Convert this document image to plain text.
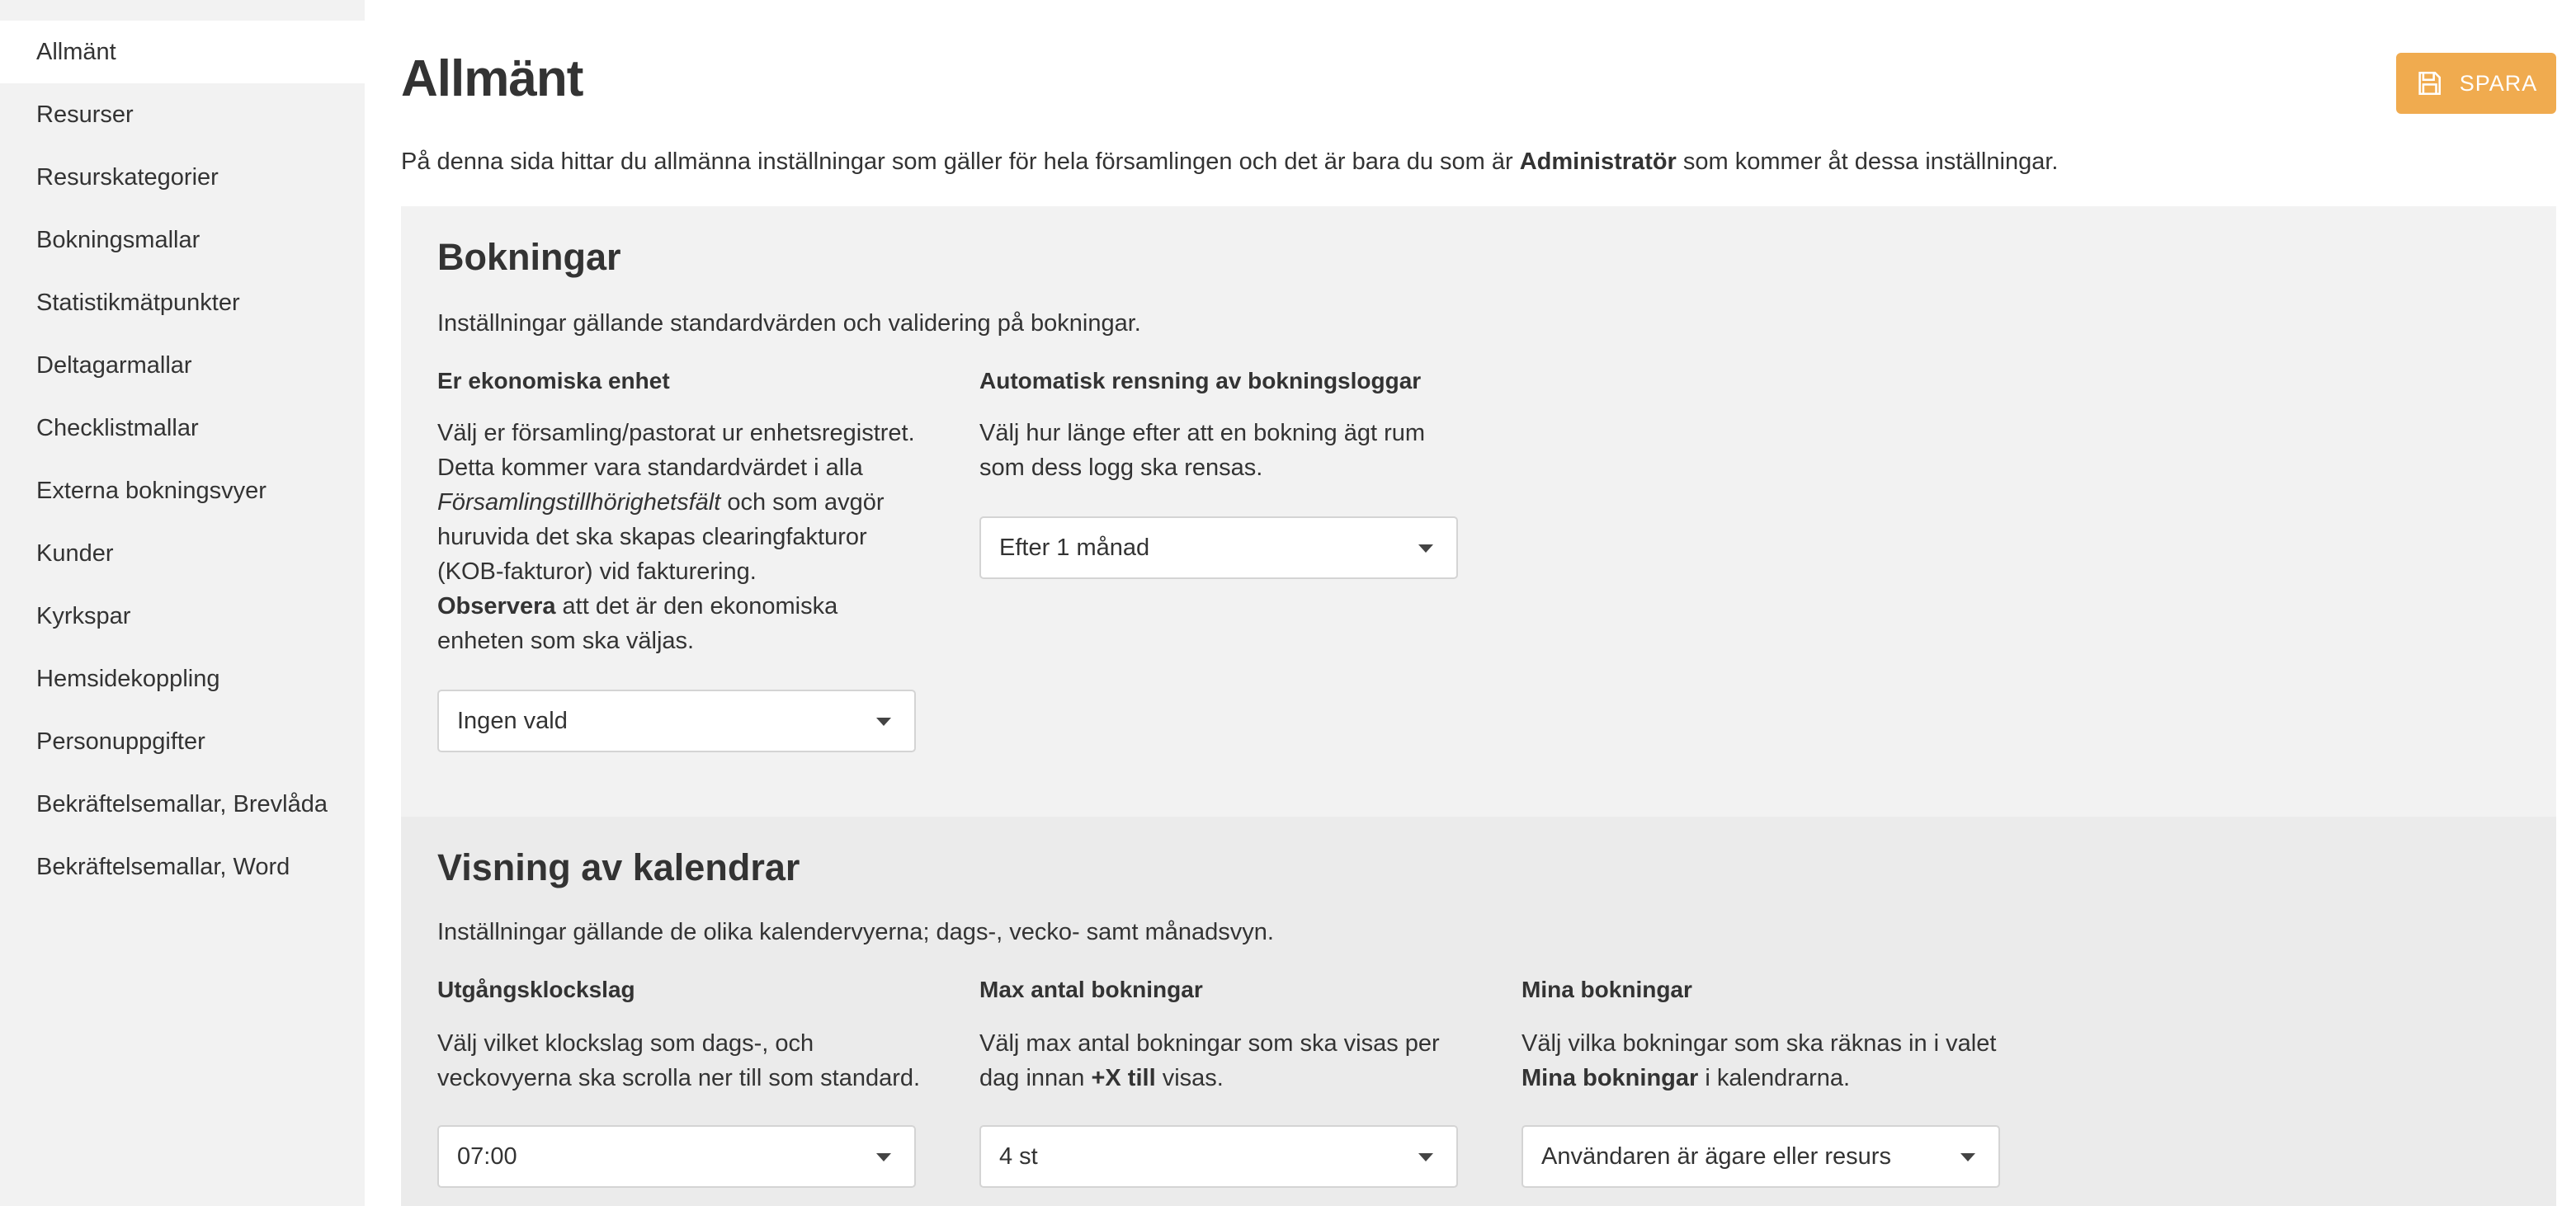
Allmänt
Resurser
Resurskategorier
Bokningsmallar
Statistikmätpunkter
Deltagarmallar
Checklistmallar
Externa bokningsvyer
Kunder
Kyrkspar
Hemsidekoppling
Personuppgifter
Bekräftelsemallar, Brevlåda
Bekräftelsemallar, Word
Allmänt	SPARA
På denna sida hittar du allmänna inställningar som gäller för hela församlingen och det är bara du som är Administratör som kommer åt dessa inställningar.
Bokningar
Inställningar gällande standardvärden och validering på bokningar.
Er ekonomiska enhet
Välj er församling/pastorat ur enhetsregistret. Detta kommer vara standardvärdet i alla Församlingstillhörighetsfält och som avgör huruvida det ska skapas clearingfakturor (KOB-fakturor) vid fakturering.
Observera att det är den ekonomiska enheten som ska väljas.
Ingen vald
Automatisk rensning av bokningsloggar
Välj hur länge efter att en bokning ägt rum som dess logg ska rensas.
Efter 1 månad
Visning av kalendrar
Inställningar gällande de olika kalendervyerna; dags-, vecko- samt månadsvyn.
Utgångsklockslag
Välj vilket klockslag som dags-, och veckovyerna ska scrolla ner till som standard.
07:00
Max antal bokningar
Välj max antal bokningar som ska visas per dag innan +X till visas.
4 st
Mina bokningar
Välj vilka bokningar som ska räknas in i valet Mina bokningar i kalendrarna.
Användaren är ägare eller resurs
